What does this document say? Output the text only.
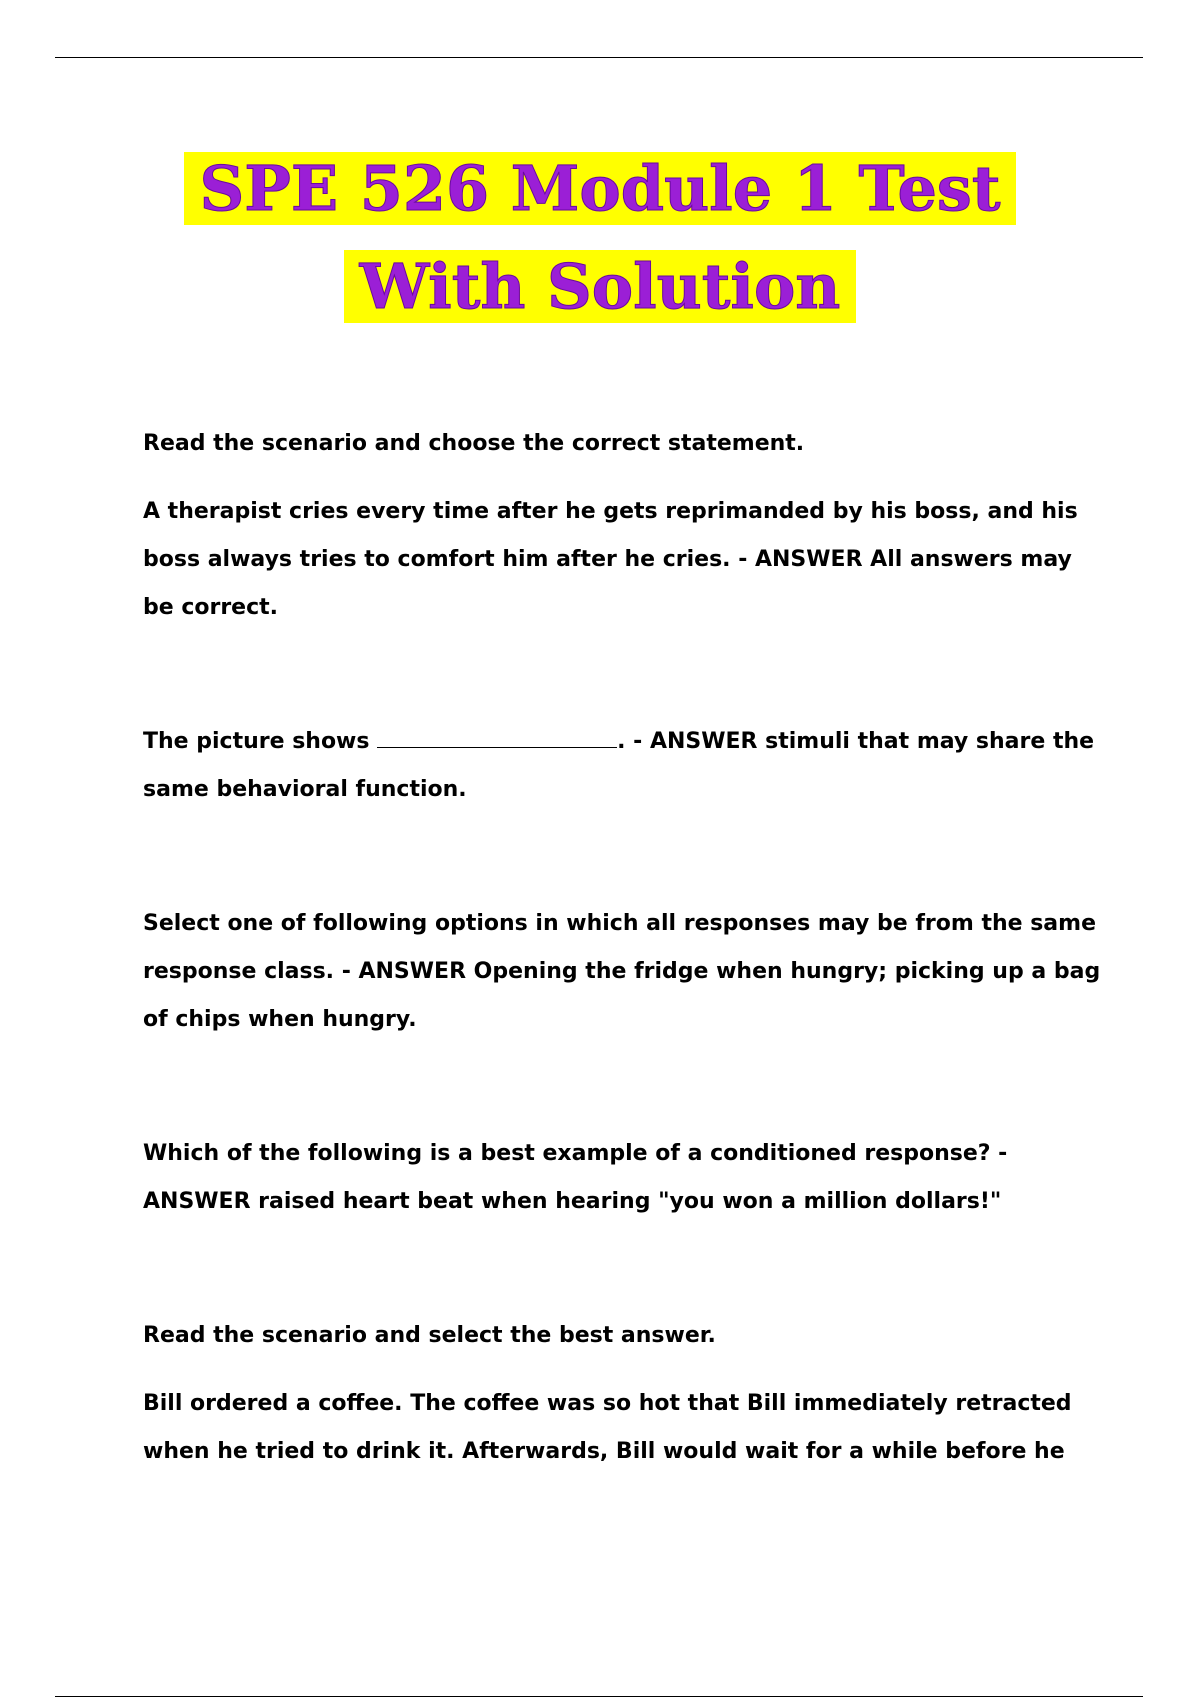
SPE 526 Module 1 Test
With Solution

Read the scenario and choose the correct statement.

A therapist cries every time after he gets reprimanded by his boss, and his boss always tries to comfort him after he cries. - ANSWER All answers may be correct.

The picture shows	. - ANSWER stimuli that may share the same behavioral function.

Select one of following options in which all responses may be from the same response class. - ANSWER Opening the fridge when hungry; picking up a bag of chips when hungry.

Which of the following is a best example of a conditioned response? - ANSWER raised heart beat when hearing "you won a million dollars!"

Read the scenario and select the best answer.

Bill ordered a coffee. The coffee was so hot that Bill immediately retracted when he tried to drink it. Afterwards, Bill would wait for a while before he
